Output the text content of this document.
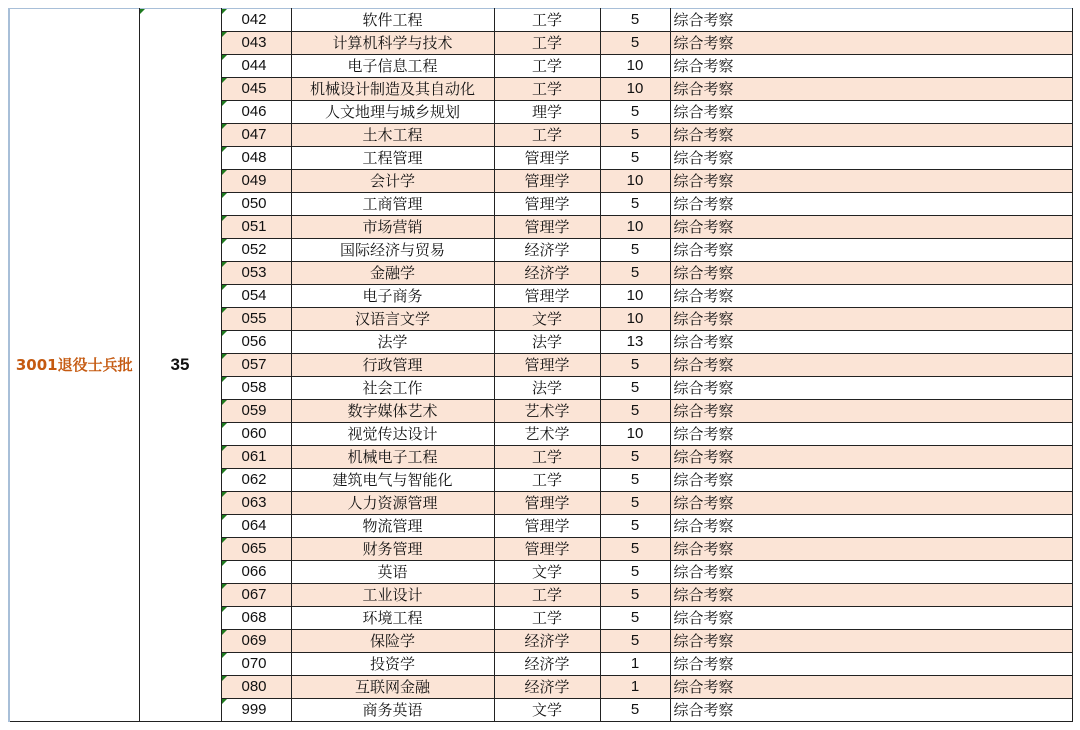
3001退役士兵批	35	042	软件工程	工学	5	综合考察

043	计算机科学与技术	工学	5	综合考察

044	电子信息工程	工学	10	综合考察

045	机械设计制造及其自动化	工学	10	综合考察

046	人文地理与城乡规划	理学	5	综合考察

047	土木工程	工学	5	综合考察

048	工程管理	管理学	5	综合考察

049	会计学	管理学	10	综合考察

050	工商管理	管理学	5	综合考察

051	市场营销	管理学	10	综合考察

052	国际经济与贸易	经济学	5	综合考察

053	金融学	经济学	5	综合考察

054	电子商务	管理学	10	综合考察

055	汉语言文学	文学	10	综合考察

056	法学	法学	13	综合考察

057	行政管理	管理学	5	综合考察

058	社会工作	法学	5	综合考察

059	数字媒体艺术	艺术学	5	综合考察

060	视觉传达设计	艺术学	10	综合考察

061	机械电子工程	工学	5	综合考察

062	建筑电气与智能化	工学	5	综合考察

063	人力资源管理	管理学	5	综合考察

064	物流管理	管理学	5	综合考察

065	财务管理	管理学	5	综合考察

066	英语	文学	5	综合考察

067	工业设计	工学	5	综合考察

068	环境工程	工学	5	综合考察

069	保险学	经济学	5	综合考察

070	投资学	经济学	1	综合考察

080	互联网金融	经济学	1	综合考察

999	商务英语	文学	5	综合考察
